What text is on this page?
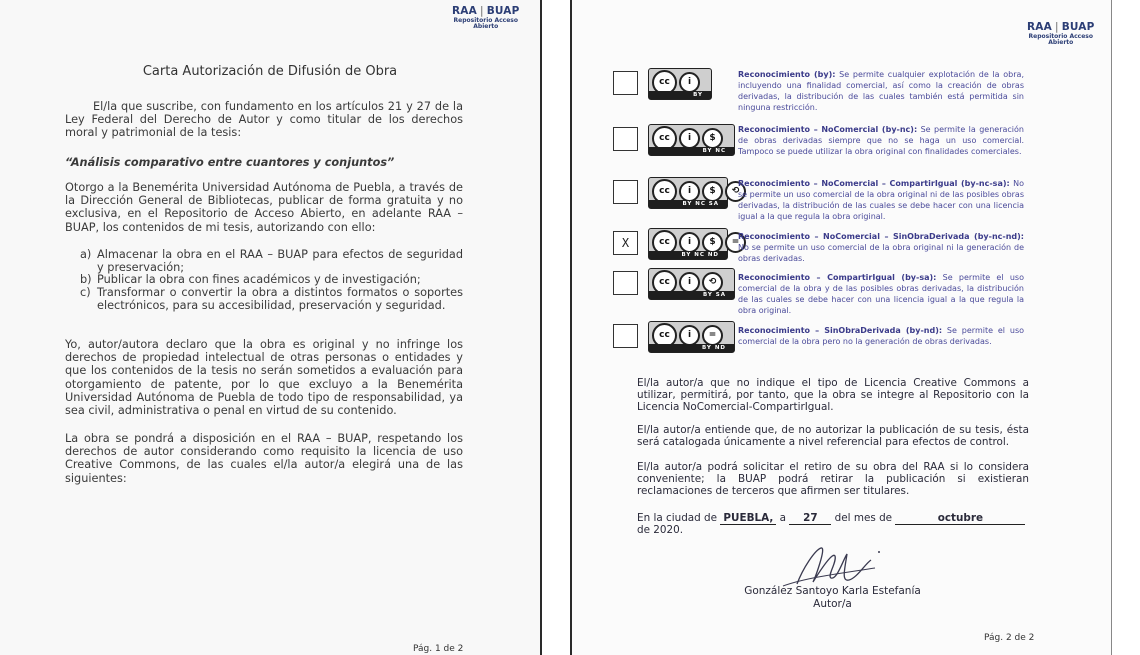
RAA | BUAP
Repositorio Acceso
Abierto
Carta Autorización de Difusión de Obra
El/la que suscribe, con fundamento en los artículos 21 y 27 de la Ley Federal del Derecho de Autor y como titular de los derechos moral y patrimonial de la tesis:
“Análisis comparativo entre cuantores y conjuntos”
Otorgo a la Benemérita Universidad Autónoma de Puebla, a través de la Dirección General de Bibliotecas, publicar de forma gratuita y no exclusiva, en el Repositorio de Acceso Abierto, en adelante RAA – BUAP, los contenidos de mi tesis, autorizando con ello:
a) Almacenar la obra en el RAA – BUAP para efectos de seguridad y preservación;
b) Publicar la obra con fines académicos y de investigación;
c) Transformar o convertir la obra a distintos formatos o soportes electrónicos, para su accesibilidad, preservación y seguridad.
Yo, autor/autora declaro que la obra es original y no infringe los derechos de propiedad intelectual de otras personas o entidades y que los contenidos de la tesis no serán sometidos a evaluación para otorgamiento de patente, por lo que excluyo a la Benemérita Universidad Autónoma de Puebla de todo tipo de responsabilidad, ya sea civil, administrativa o penal en virtud de su contenido.
La obra se pondrá a disposición en el RAA – BUAP, respetando los derechos de autor considerando como requisito la licencia de uso Creative Commons, de las cuales el/la autor/a elegirá una de las siguientes:
Pág. 1 de 2
RAA | BUAP
Repositorio Acceso
Abierto
cc	i
BY
Reconocimiento (by): Se permite cualquier explotación de la obra, incluyendo una finalidad comercial, así como la creación de obras derivadas, la distribución de las cuales también está permitida sin ninguna restricción.
cc	i	$
BY NC
Reconocimiento – NoComercial (by-nc): Se permite la generación de obras derivadas siempre que no se haga un uso comercial. Tampoco se puede utilizar la obra original con finalidades comerciales.
cc	i	$	⟲
BY NC SA
Reconocimiento – NoComercial – CompartirIgual (by-nc-sa): No se permite un uso comercial de la obra original ni de las posibles obras derivadas, la distribución de las cuales se debe hacer con una licencia igual a la que regula la obra original.
X	cc	i	$	=
BY NC ND
Reconocimiento – NoComercial – SinObraDerivada (by-nc-nd): No se permite un uso comercial de la obra original ni la generación de obras derivadas.
cc	i	⟲
BY SA
Reconocimiento – CompartirIgual (by-sa): Se permite el uso comercial de la obra y de las posibles obras derivadas, la distribución de las cuales se debe hacer con una licencia igual a la que regula la obra original.
cc	i	=
BY ND
Reconocimiento – SinObraDerivada (by-nd): Se permite el uso comercial de la obra pero no la generación de obras derivadas.
El/la autor/a que no indique el tipo de Licencia Creative Commons a utilizar, permitirá, por tanto, que la obra se integre al Repositorio con la Licencia NoComercial-CompartirIgual.
El/la autor/a entiende que, de no autorizar la publicación de su tesis, ésta será catalogada únicamente a nivel referencial para efectos de control.
El/la autor/a podrá solicitar el retiro de su obra del RAA si lo considera conveniente; la BUAP podrá retirar la publicación si existieran reclamaciones de terceros que afirmen ser titulares.
En la ciudad de PUEBLA, a 27 del mes de	octubre
de 2020.
González Santoyo Karla Estefanía
Autor/a
Pág. 2 de 2
